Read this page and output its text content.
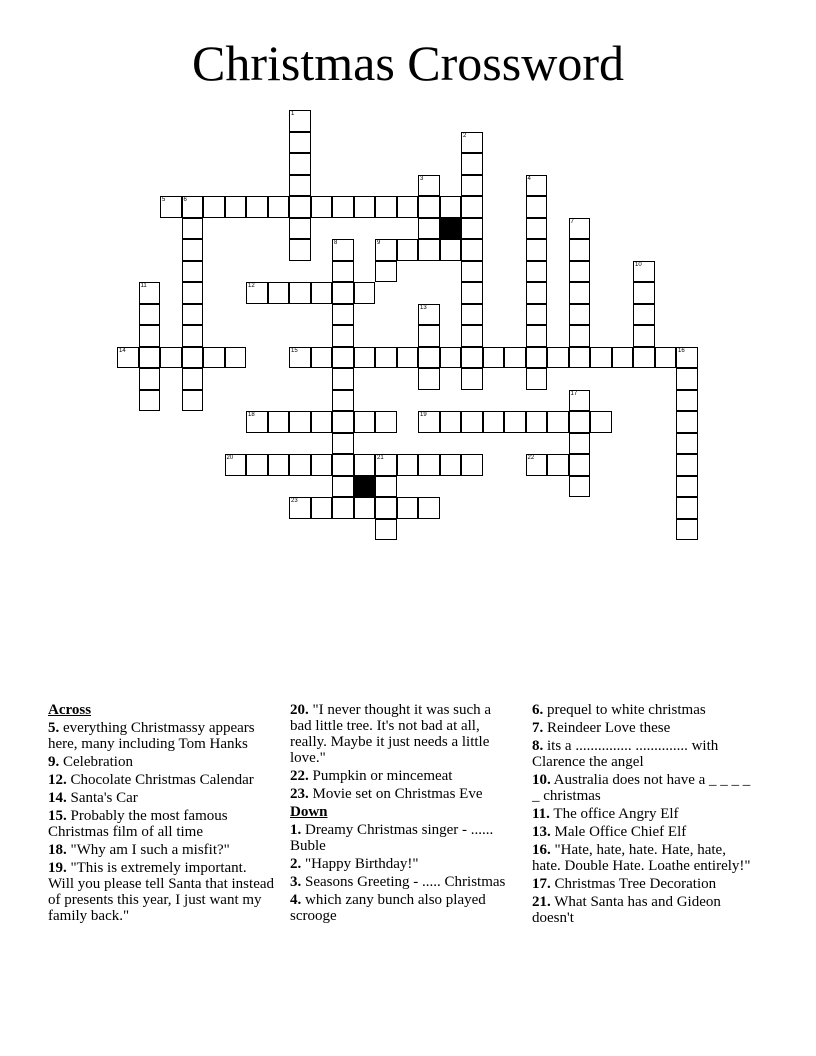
Christmas Crossword
1
2
3	4
5	6
7
8	9
10
11	12
13
14	15	16
17
18	19
20	21	22
23
Across
5. everything Christmassy appears here, many including Tom Hanks
9. Celebration
12. Chocolate Christmas Calendar
14. Santa's Car
15. Probably the most famous Christmas film of all time
18. "Why am I such a misfit?"
19. "This is extremely important. Will you please tell Santa that instead of presents this year, I just want my family back."
20. "I never thought it was such a bad little tree. It's not bad at all, really. Maybe it just needs a little love."
22. Pumpkin or mincemeat
23. Movie set on Christmas Eve
Down
1. Dreamy Christmas singer - ...... Buble
2. "Happy Birthday!"
3. Seasons Greeting - ..... Christmas
4. which zany bunch also played scrooge
6. prequel to white christmas
7. Reindeer Love these
8. its a ............... .............. with Clarence the angel
10. Australia does not have a _ _ _ _ _ christmas
11. The office Angry Elf
13. Male Office Chief Elf
16. "Hate, hate, hate. Hate, hate, hate. Double Hate. Loathe entirely!"
17. Christmas Tree Decoration
21. What Santa has and Gideon doesn't
